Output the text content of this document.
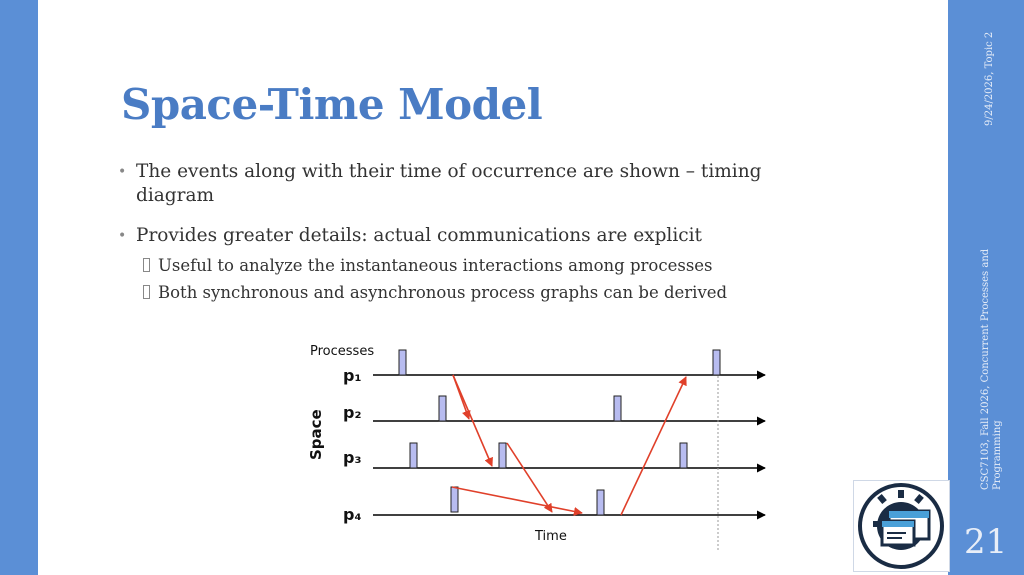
Space-Time Model
• The events along with their time of occurrence are shown – timing diagram
• Provides greater details: actual communications are explicit
Useful to analyze the instantaneous interactions among processes
Both synchronous and asynchronous process graphs can be derived
Processes
Space
Time
p₁
p₂
p₃
p₄
9/24/2026, Topic 2
CSC7103, Fall 2026, Concurrent Processes and Programming
21
